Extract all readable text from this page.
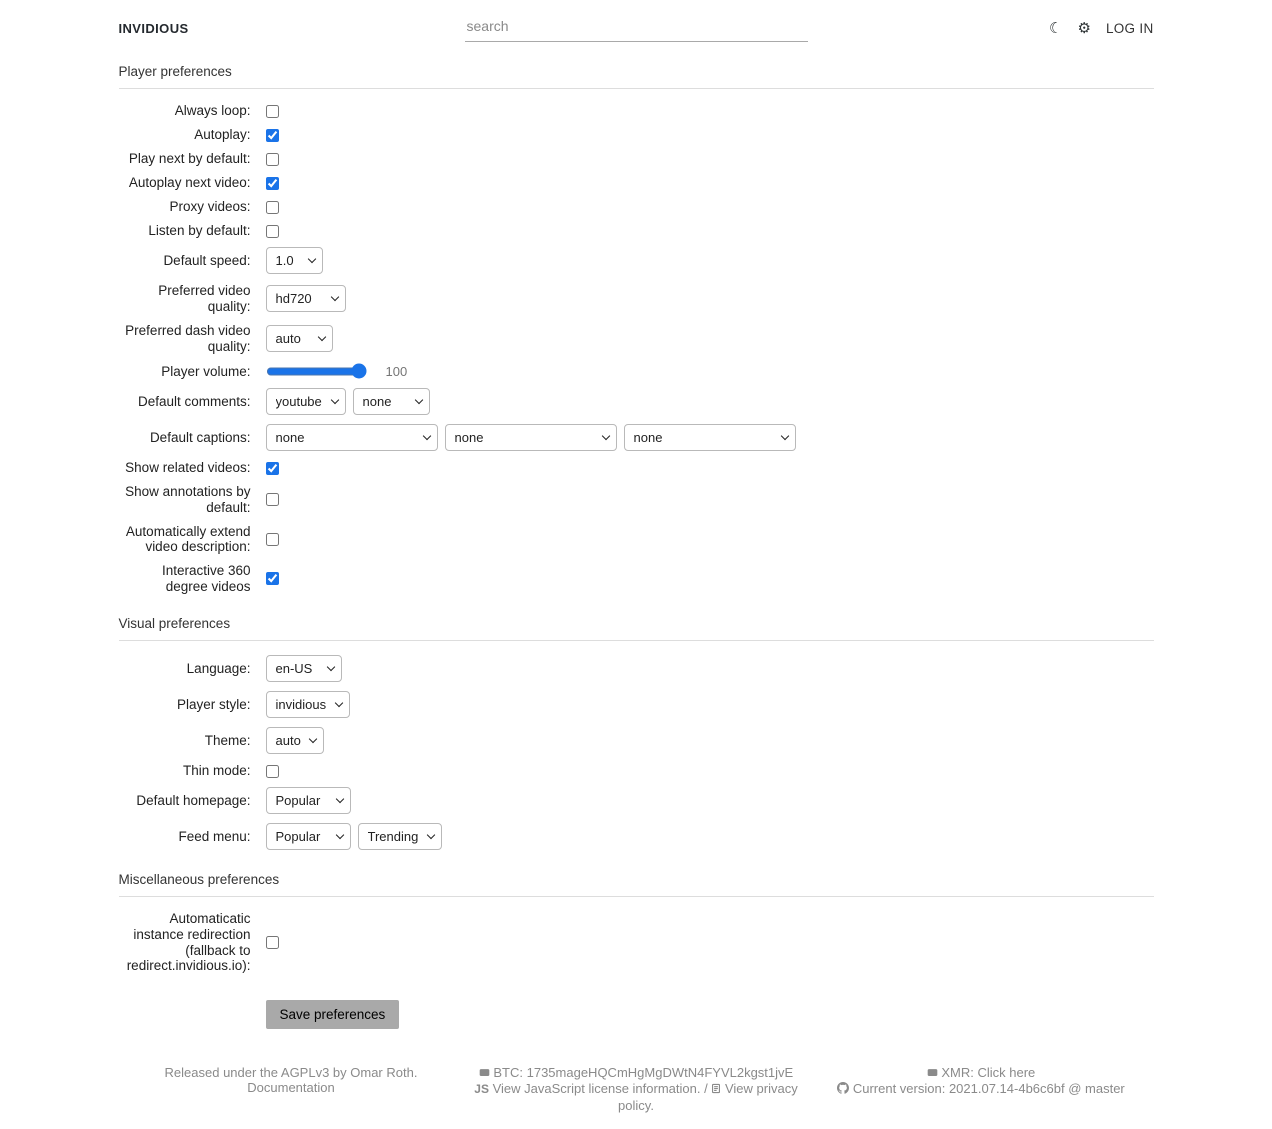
INVIDIOUS
search	☾ ⚙ LOG IN
Player preferences
Always loop:
Autoplay:
Play next by default:
Autoplay next video:
Proxy videos:
Listen by default:
Default speed:
1.0
Preferred video quality:
hd720
Preferred dash video quality:
auto
Player volume:	100
Default comments:
youtube
none
Default captions:
none
none
none
Show related videos:
Show annotations by default:
Automatically extend video description:
Interactive 360 degree videos
Visual preferences
Language:
en-US
Player style:
invidious
Theme:
auto
Thin mode:
Default homepage:
Popular
Feed menu:
Popular
Trending
Miscellaneous preferences
Automaticatic instance redirection (fallback to redirect.invidious.io):
Save preferences
Released under the AGPLv3 by Omar Roth.
Documentation
BTC: 1735mageHQCmHgMgDWtN4FYVL2kgst1jvE
JS View JavaScript license information. / View privacy policy.
XMR: Click here
Current version: 2021.07.14-4b6c6bf @ master
